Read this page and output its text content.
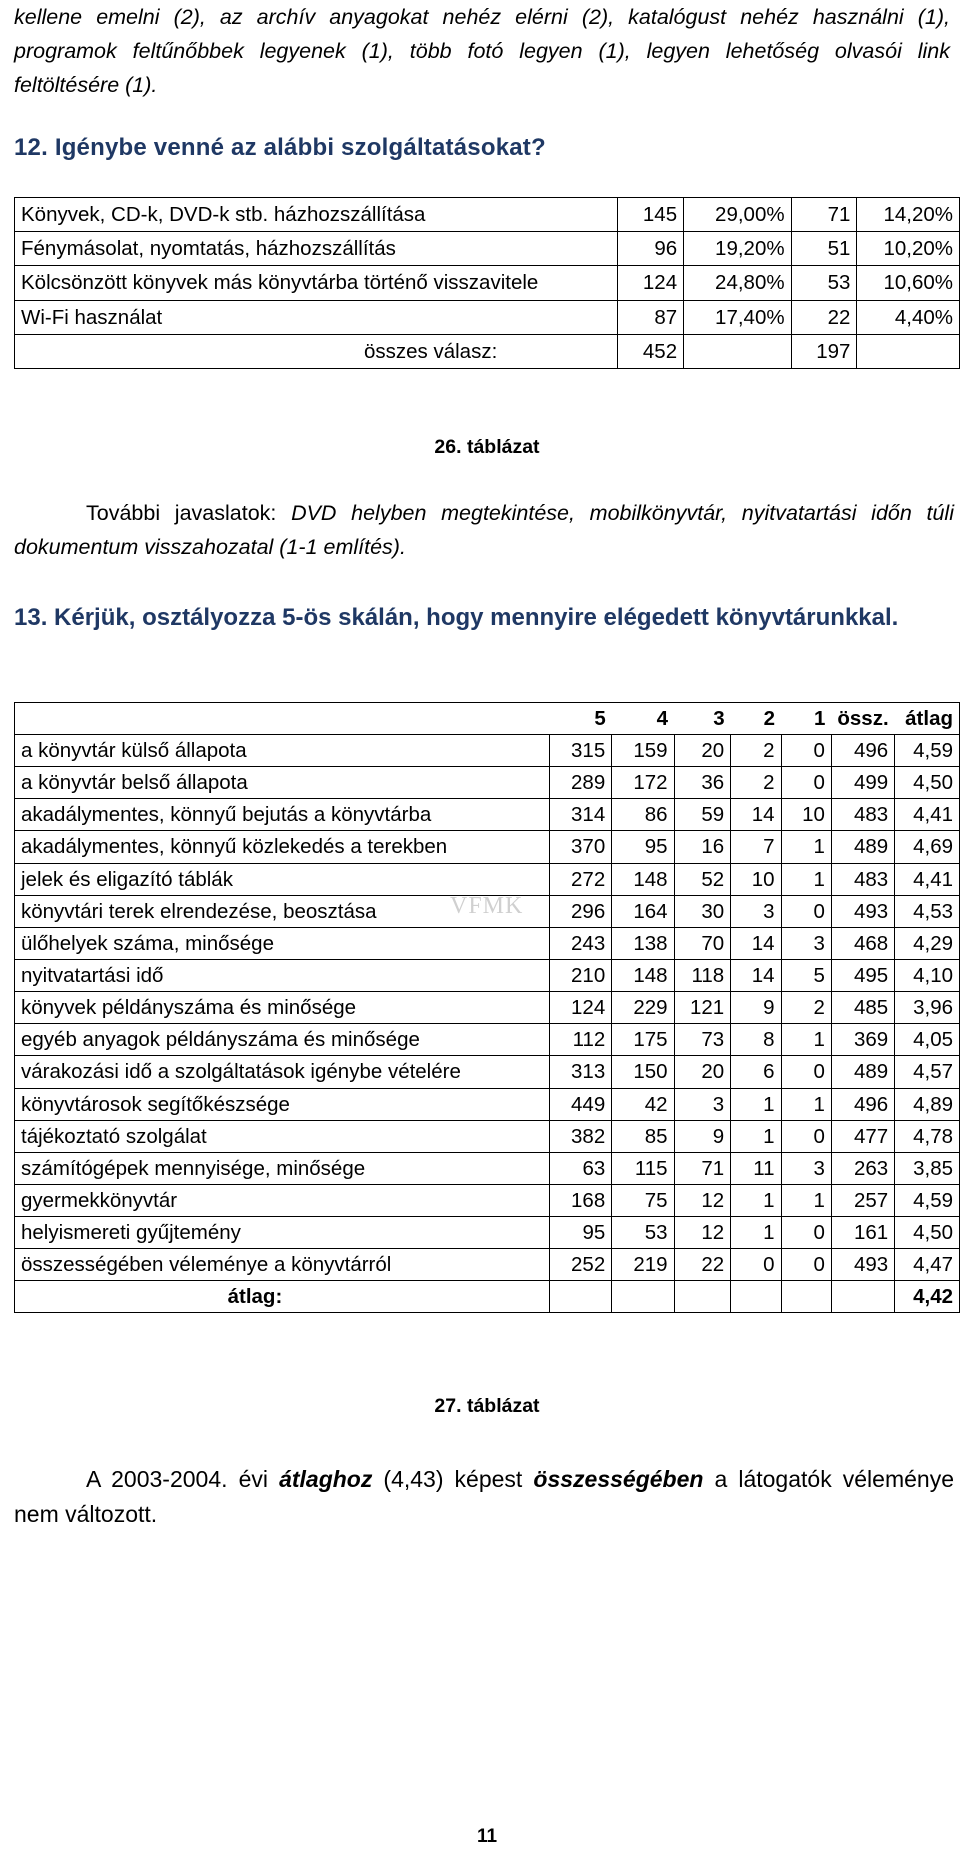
kellene emelni (2), az archív anyagokat nehéz elérni (2), katalógust nehéz használni (1), programok feltűnőbbek legyenek (1), több fotó legyen (1), legyen lehetőség olvasói link feltöltésére (1).

12. Igénybe venné az alábbi szolgáltatásokat?

Könyvek, CD-k, DVD-k stb. házhozszállítása	145	29,00%	71	14,20%
Fénymásolat, nyomtatás, házhozszállítás	96	19,20%	51	10,20%
Kölcsönzött könyvek más könyvtárba történő visszavitele	124	24,80%	53	10,60%
Wi-Fi használat	87	17,40%	22	4,40%
összes válasz:	452		197	

26. táblázat

További javaslatok: DVD helyben megtekintése, mobilkönyvtár, nyitvatartási időn túli dokumentum visszahozatal (1-1 említés).

13. Kérjük, osztályozza 5-ös skálán, hogy mennyire elégedett könyvtárunkkal.

	5	4	3	2	1	össz.	átlag
a könyvtár külső állapota	315	159	20	2	0	496	4,59
a könyvtár belső állapota	289	172	36	2	0	499	4,50
akadálymentes, könnyű bejutás a könyvtárba	314	86	59	14	10	483	4,41
akadálymentes, könnyű közlekedés a terekben	370	95	16	7	1	489	4,69
jelek és eligazító táblák	272	148	52	10	1	483	4,41
könyvtári terek elrendezése, beosztása	296	164	30	3	0	493	4,53
ülőhelyek száma, minősége	243	138	70	14	3	468	4,29
nyitvatartási idő	210	148	118	14	5	495	4,10
könyvek példányszáma és minősége	124	229	121	9	2	485	3,96
egyéb anyagok példányszáma és minősége	112	175	73	8	1	369	4,05
várakozási idő a szolgáltatások igénybe vételére	313	150	20	6	0	489	4,57
könyvtárosok segítőkészsége	449	42	3	1	1	496	4,89
tájékoztató szolgálat	382	85	9	1	0	477	4,78
számítógépek mennyisége, minősége	63	115	71	11	3	263	3,85
gyermekkönyvtár	168	75	12	1	1	257	4,59
helyismereti gyűjtemény	95	53	12	1	0	161	4,50
összességében véleménye a könyvtárról	252	219	22	0	0	493	4,47
átlag:							4,42
VFMK

27. táblázat

A 2003-2004. évi átlaghoz (4,43) képest összességében a látogatók véleménye nem változott.

11
